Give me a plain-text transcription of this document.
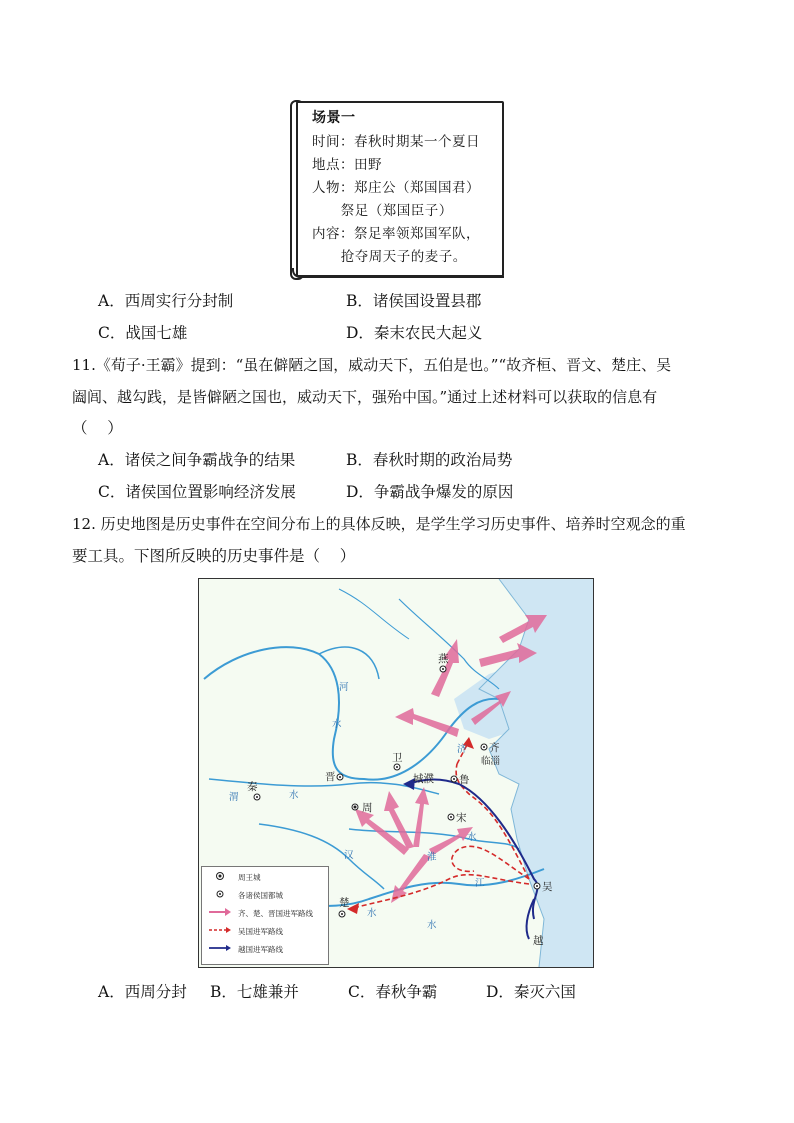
场景一
时间：春秋时期某一个夏日
地点：田野
人物：郑庄公（郑国国君）
祭足（郑国臣子）
内容：祭足率领郑国军队，
抢夺周天子的麦子。
A．西周实行分封制	B．诸侯国设置县郡
C．战国七雄	D．秦末农民大起义
11.《荀子·王霸》提到：“虽在僻陋之国，威动天下，五伯是也。”“故齐桓、晋文、楚庄、吴
阖闾、越勾践，是皆僻陋之国也，威动天下，强殆中国。”通过上述材料可以获取的信息有
（    ）
A．诸侯之间争霸战争的结果	B．春秋时期的政治局势
C．诸侯国位置影响经济发展	D．争霸战争爆发的原因
12. 历史地图是历史事件在空间分布上的具体反映，是学生学习历史事件、培养时空观念的重
要工具。下图所反映的历史事件是（    ）
燕
齐
临淄
卫
晋	城濮 鲁
秦
周
宋
楚
吴
越
河
水
济
渭	水
汉	淮
水
江
水
水
周王城
各诸侯国都城
齐、楚、晋国进军路线
吴国进军路线
越国进军路线
A．西周分封 B．七雄兼并	C．春秋争霸	D．秦灭六国
